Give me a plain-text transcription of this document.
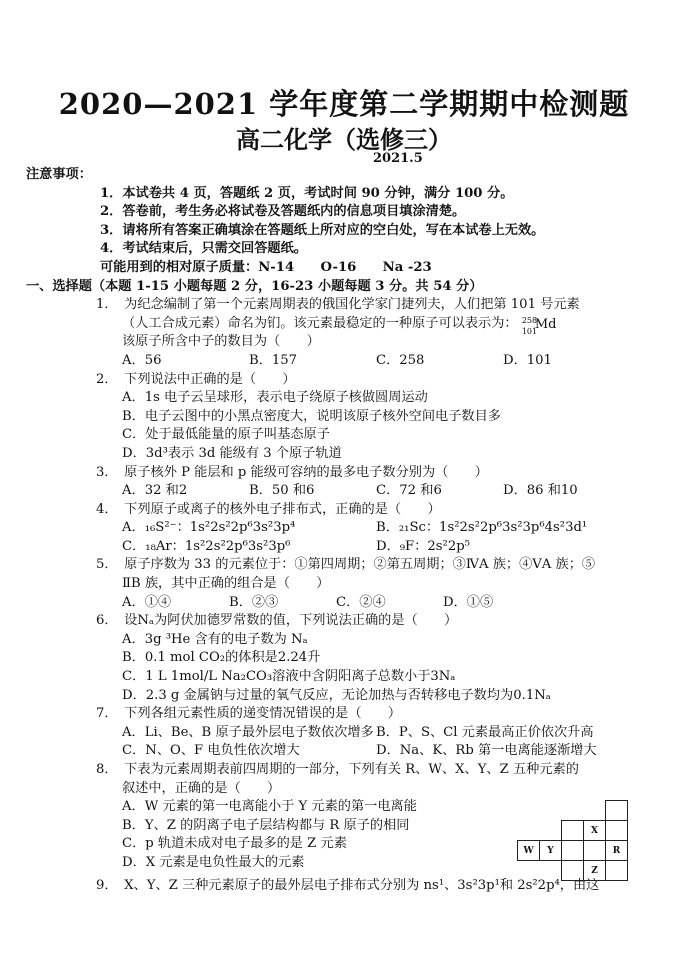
2020—2021 学年度第二学期期中检测题
高二化学（选修三）
2021.5
注意事项：
1．本试卷共 4 页，答题纸 2 页，考试时间 90 分钟，满分 100 分。
2．答卷前，考生务必将试卷及答题纸内的信息项目填涂清楚。
3．请将所有答案正确填涂在答题纸上所对应的空白处，写在本试卷上无效。
4．考试结束后，只需交回答题纸。
可能用到的相对原子质量：N-14　　O-16　　Na -23
一、选择题（本题 1-15 小题每题 2 分，16-23 小题每题 3 分。共 54 分）
1．　为纪念编制了第一个元素周期表的俄国化学家门捷列夫，人们把第 101 号元素
（人工合成元素）命名为钔。该元素最稳定的一种原子可以表示为： 258
101
Md
该原子所含中子的数目为（　　）
A．56	B．157	C．258	D．101
2．　下列说法中正确的是（　　）
A．1s 电子云呈球形，表示电子绕原子核做圆周运动
B．电子云图中的小黑点密度大，说明该原子核外空间电子数目多
C．处于最低能量的原子叫基态原子
D．3d³表示 3d 能级有 3 个原子轨道
3．　原子核外 P 能层和 p 能级可容纳的最多电子数分别为（　　）
A．32 和2	B．50 和6	C．72 和6	D．86 和10
4．　下列原子或离子的核外电子排布式，正确的是（　　）
A．₁₆S²⁻：1s²2s²2p⁶3s²3p⁴	B．₂₁Sc：1s²2s²2p⁶3s²3p⁶4s²3d¹
C．₁₈Ar：1s²2s²2p⁶3s²3p⁶	D．₉F：2s²2p⁵
5．　原子序数为 33 的元素位于：①第四周期；②第五周期；③ⅣA 族；④ⅤA 族；⑤
ⅡB 族，其中正确的组合是（　　）
A．①④	B．②③	C．②④	D．①⑤
6．　设Nₐ为阿伏加德罗常数的值，下列说法正确的是（　　）
A．3g ³He 含有的电子数为 Nₐ
B．0.1 mol CO₂的体积是2.24升
C．1 L 1mol/L Na₂CO₃溶液中含阴阳离子总数小于3Nₐ
D．2.3 g 金属钠与过量的氧气反应，无论加热与否转移电子数均为0.1Nₐ
7．　下列各组元素性质的递变情况错误的是（　　）
A．Li、Be、B 原子最外层电子数依次增多 B．P、S、Cl 元素最高正价依次升高
C．N、O、F 电负性依次增大	D．Na、K、Rb 第一电离能逐渐增大
8．　下表为元素周期表前四周期的一部分，下列有关 R、W、X、Y、Z 五种元素的
叙述中，正确的是（　　）
A．W 元素的第一电离能小于 Y 元素的第一电离能
B．Y、Z 的阴离子电子层结构都与 R 原子的相同
C．p 轨道未成对电子最多的是 Z 元素
D．X 元素是电负性最大的元素
9．　X、Y、Z 三种元素原子的最外层电子排布式分别为 ns¹、3s²3p¹和 2s²2p⁴，由这

			X	
W	Y			R
			Z	
